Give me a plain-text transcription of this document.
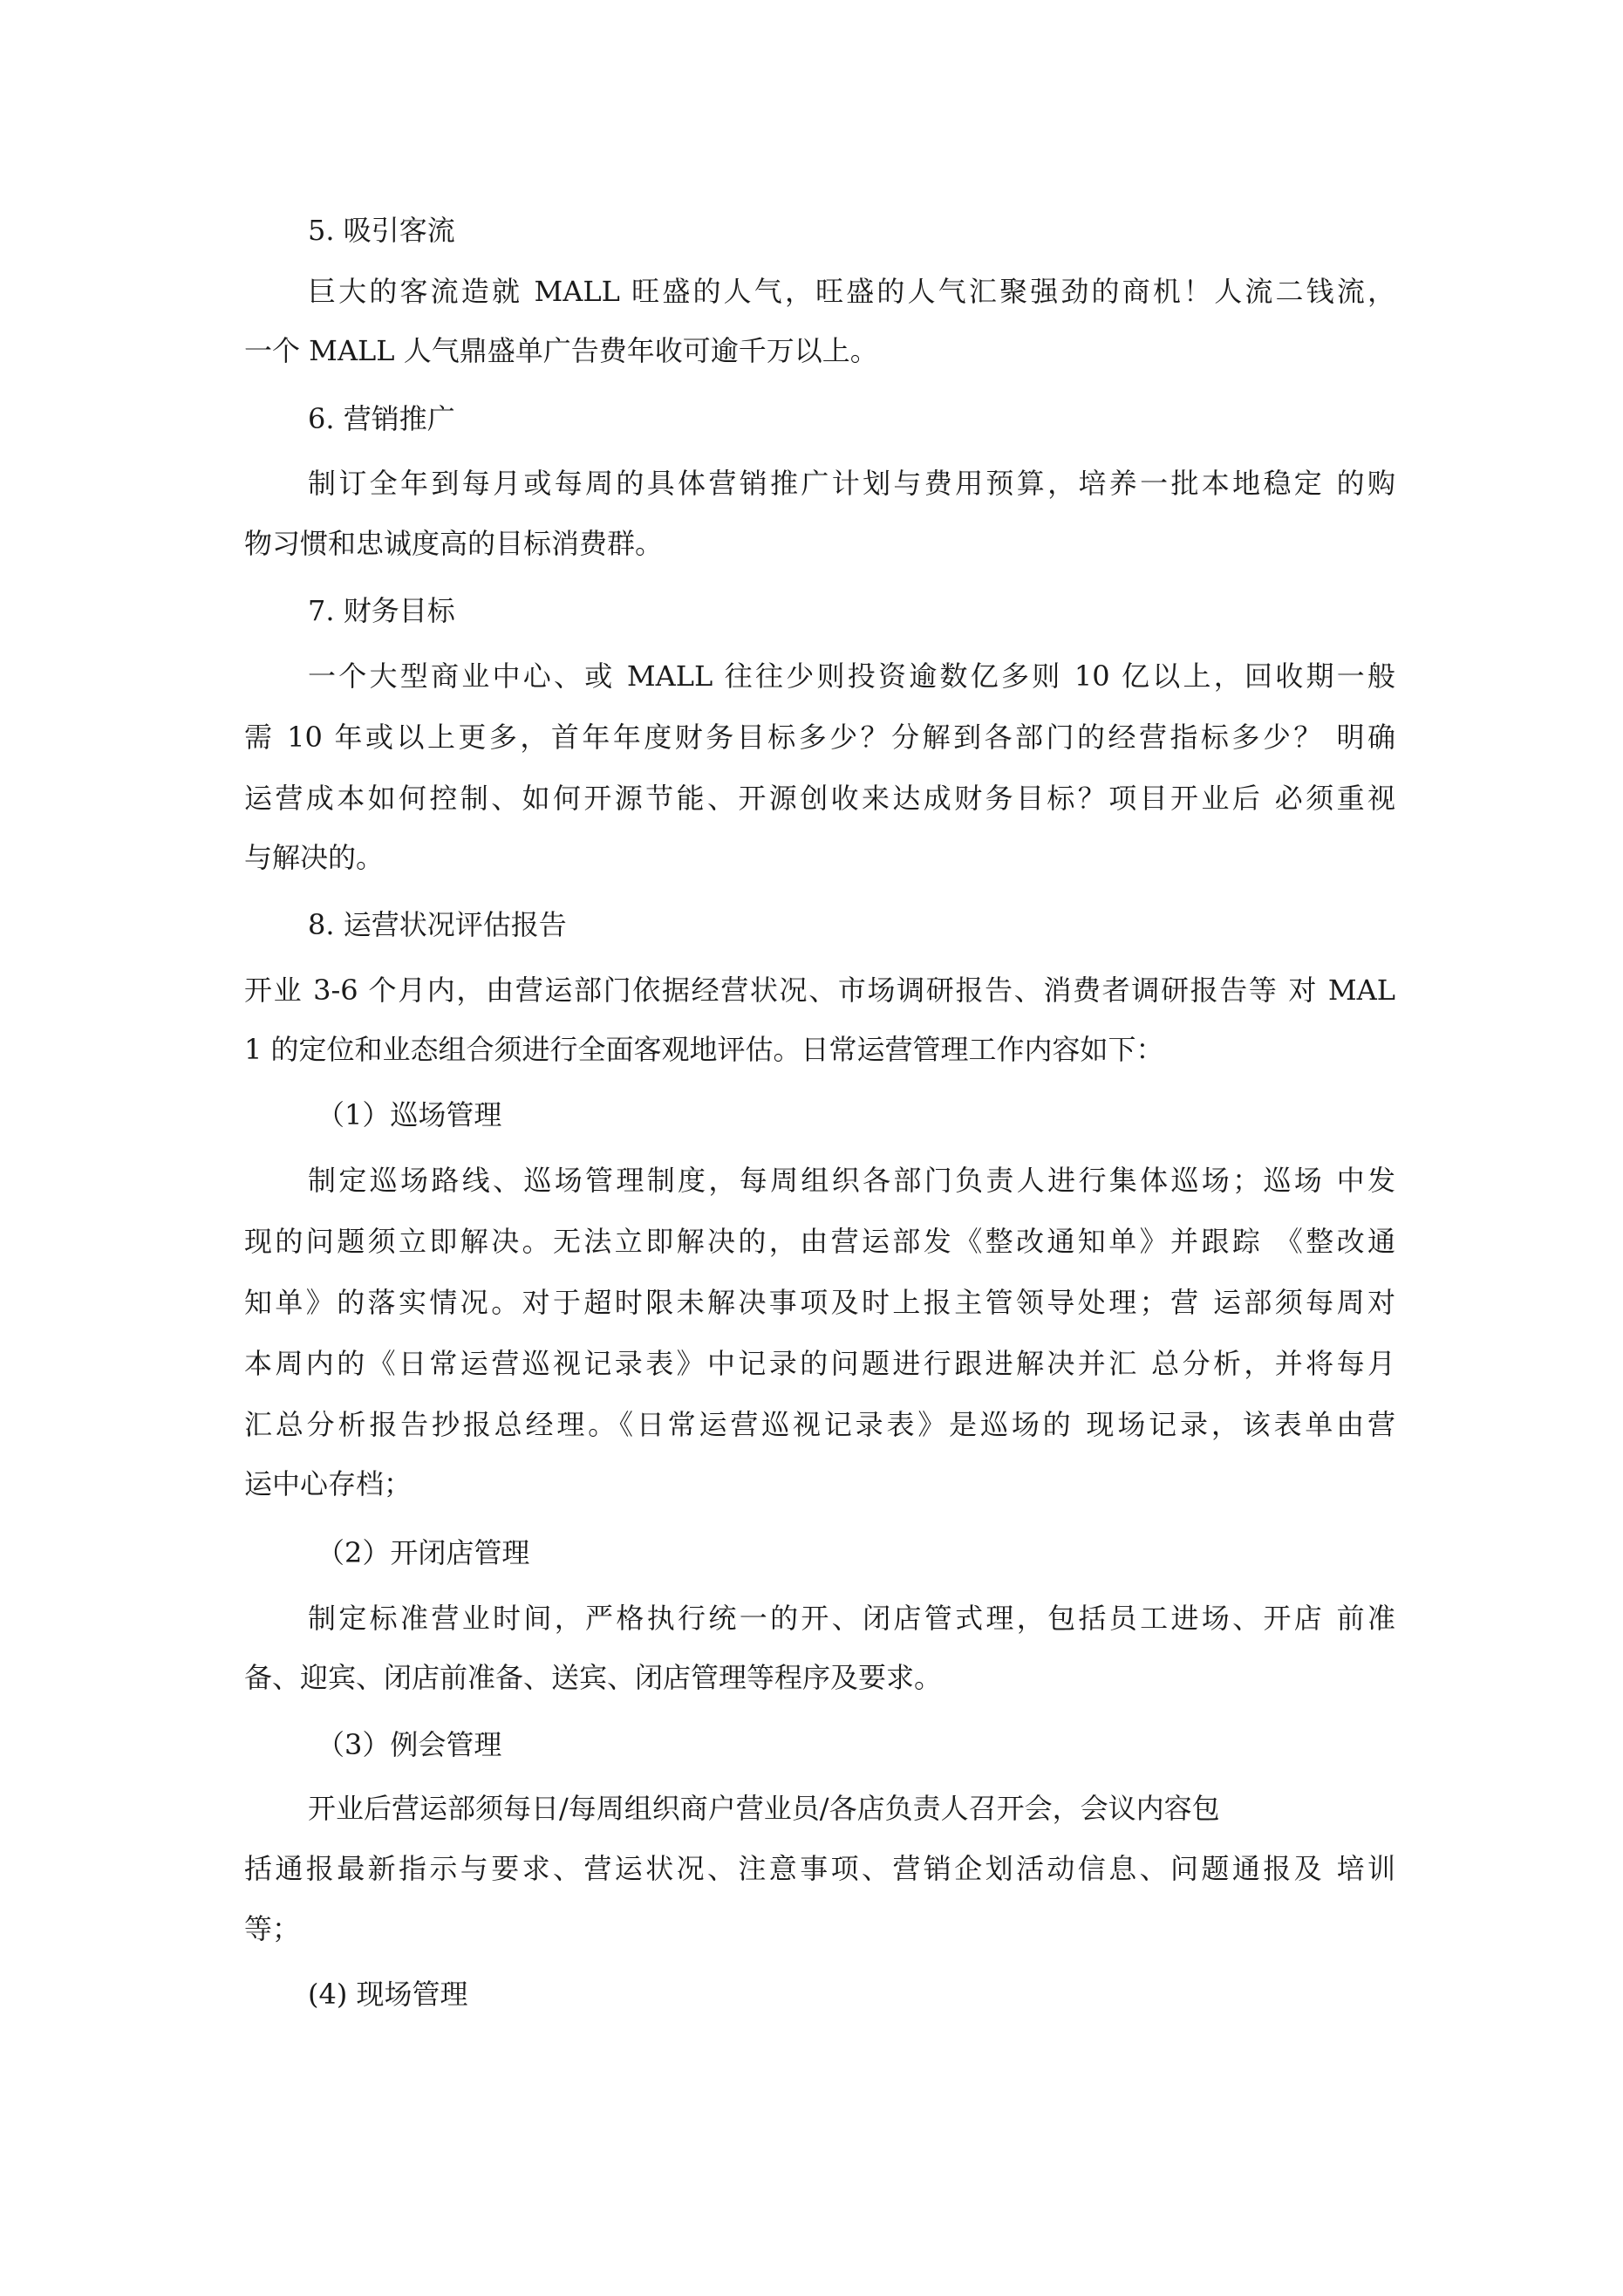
5. 吸引客流
巨大的客流造就 MALL 旺盛的人气，旺盛的人气汇聚强劲的商机！人流二钱流，
一个 MALL 人气鼎盛单广告费年收可逾千万以上。
6. 营销推广
制订全年到每月或每周的具体营销推广计划与费用预算，培养一批本地稳定 的购
物习惯和忠诚度高的目标消费群。
7. 财务目标
一个大型商业中心、或 MALL 往往少则投资逾数亿多则 10 亿以上，回收期一般
需 10 年或以上更多，首年年度财务目标多少？分解到各部门的经营指标多少？ 明确
运营成本如何控制、如何开源节能、开源创收来达成财务目标？项目开业后 必须重视
与解决的。
8. 运营状况评估报告
开业 3-6 个月内，由营运部门依据经营状况、市场调研报告、消费者调研报告等 对 MAL
1 的定位和业态组合须进行全面客观地评估。日常运营管理工作内容如下：
（1）巡场管理
制定巡场路线、巡场管理制度，每周组织各部门负责人进行集体巡场；巡场 中发
现的问题须立即解决。无法立即解决的，由营运部发《整改通知单》并跟踪 《整改通
知单》的落实情况。对于超时限未解决事项及时上报主管领导处理；营 运部须每周对
本周内的《日常运营巡视记录表》中记录的问题进行跟进解决并汇 总分析，并将每月
汇总分析报告抄报总经理。《日常运营巡视记录表》是巡场的 现场记录，该表单由营
运中心存档；
（2）开闭店管理
制定标准营业时间，严格执行统一的开、闭店管式理，包括员工进场、开店 前准
备、迎宾、闭店前准备、送宾、闭店管理等程序及要求。
（3）例会管理
开业后营运部须每日/每周组织商户营业员/各店负责人召开会，会议内容包
括通报最新指示与要求、营运状况、注意事项、营销企划活动信息、问题通报及 培训
等；
(4) 现场管理
